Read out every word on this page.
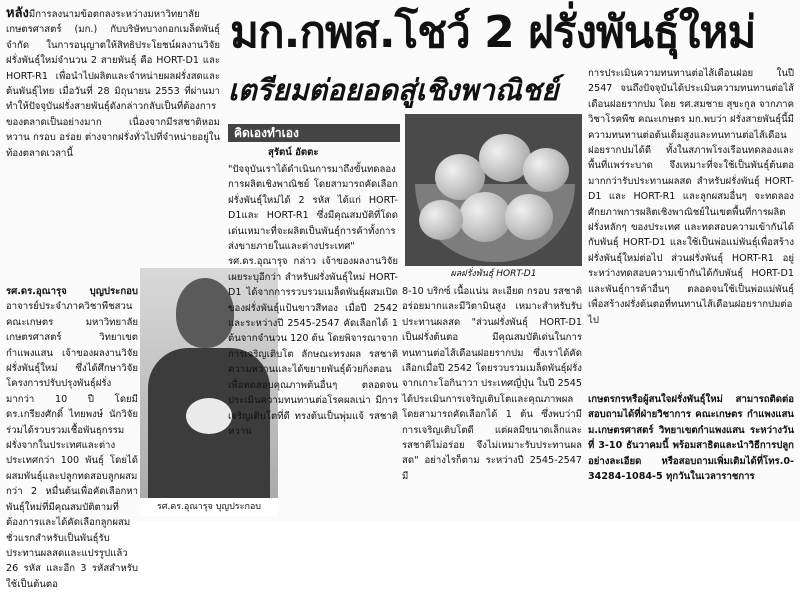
มก.กพส.โชว์ 2 ฝรั่งพันธุ์ใหม่
เตรียมต่อยอดสู่เชิงพาณิชย์

หลังมีการลงนามข้อตกลงระหว่างมหาวิทยาลัยเกษตรศาสตร์ (มก.) กับบริษัทบางกอกเมล็ดพันธุ์ จำกัด ในการอนุญาตให้สิทธิประโยชน์ผลงานวิจัยฝรั่งพันธุ์ใหม่จำนวน 2 สายพันธุ์ คือ HORT-D1 และ HORT-R1 เพื่อนำไปผลิตและจำหน่ายผลฝรั่งสดและต้นพันธุ์ไทย เมื่อวันที่ 28 มิถุนายน 2553 ที่ผ่านมา ทำให้ปัจจุบันฝรั่งสายพันธุ์ดังกล่าวกลับเป็นที่ต้องการของตลาดเป็นอย่างมาก เนื่องจากมีรสชาติหอม หวาน กรอบ อร่อย ต่างจากฝรั่งทั่วไปที่จำหน่ายอยู่ในท้องตลาดเวลานี้

รศ.ดร.อุณารุจ บุญประกอบ อาจารย์ประจำภาควิชาพืชสวน คณะเกษตร มหาวิทยาลัยเกษตรศาสตร์ วิทยาเขตกำแพงแสน เจ้าของผลงานวิจัยฝรั่งพันธุ์ใหม่ ซึ่งได้ศึกษาวิจัยโครงการปรับปรุงพันธุ์ฝรั่งมากว่า 10 ปี โดยมี ดร.เกรียงศักดิ์ ไทยพงษ์ นักวิจัยร่วมได้รวบรวมเชื้อพันธุกรรมฝรั่งจากในประเทศและต่างประเทศกว่า 100 พันธุ์ โดยได้ผสมพันธุ์และปลูกทดสอบลูกผสมกว่า 2 หมื่นต้นเพื่อคัดเลือกหาพันธุ์ใหม่ที่มีคุณสมบัติตามที่ต้องการและได้คัดเลือกลูกผสมชั่วแรกสำหรับเป็นพันธุ์รับประทานผลสดและแปรรูปแล้ว 26 รหัส และอีก 3 รหัสสำหรับใช้เป็นต้นตอ

รศ.ดร.อุณารุจ บุญประกอบ
คิดเองทำเอง
สุรัตน์ อัตตะ
"ปัจจุบันเราได้ดำเนินการมาถึงขั้นทดลองการผลิตเชิงพาณิชย์ โดยสามารถคัดเลือกฝรั่งพันธุ์ใหม่ได้ 2 รหัส ได้แก่ HORT-D1และ HORT-R1 ซึ่งมีคุณสมบัติที่โดดเด่นเหมาะที่จะผลิตเป็นพันธุ์การค้าทั้งการส่งขายภายในและต่างประเทศ" รศ.ดร.อุณารุจ กล่าว เจ้าของผลงานวิจัยเผยระบุอีกว่า สำหรับฝรั่งพันธุ์ใหม่ HORT-D1 ได้จากการรวบรวมเมล็ดพันธุ์ผสมเปิดของฝรั่งพันธุ์แป้นขาวสีทอง เมื่อปี 2542 และระหว่างปี 2545-2547 คัดเลือกได้ 1 ต้นจากจำนวน 120 ต้น โดยพิจารณาจากการเจริญเติบโต ลักษณะทรงผล รสชาติ ความหวานและได้ขยายพันธุ์ด้วยกิ่งตอนเพื่อทดสอบคุณภาพต้นอื่นๆ ตลอดจนประเมินความทนทานต่อโรคผลเน่า มีการเจริญเติบโตที่ดี ทรงต้นเป็นพุ่มแจ้ รสชาติหวาน
ผลฝรั่งพันธุ์ HORT-D1
8-10 บริกซ์ เนื้อแน่น ละเอียด กรอบ รสชาติอร่อยมากและมีวิตามินสูง เหมาะสำหรับรับประทานผลสด "ส่วนฝรั่งพันธุ์ HORT-D1 เป็นฝรั่งต้นตอ มีคุณสมบัติเด่นในการทนทานต่อไส้เดือนฝอยรากปม ซึ่งเราได้คัดเลือกเมื่อปี 2542 โดยรวบรวมเมล็ดพันธุ์ฝรั่งจากเกาะโอกินาวา ประเทศญี่ปุ่น ในปี 2545 ได้ประเมินการเจริญเติบโตและคุณภาพผล โดยสามารถคัดเลือกได้ 1 ต้น ซึ่งพบว่ามีการเจริญเติบโตดี แต่ผลมีขนาดเล็กและรสชาติไม่อร่อย จึงไม่เหมาะรับประทานผลสด" อย่างไรก็ตาม ระหว่างปี 2545-2547 มี
การประเมินความทนทานต่อไส้เดือนฝอย ในปี 2547 จนถึงปัจจุบันได้ประเมินความทนทานต่อไส้เดือนฝอยรากปม โดย รศ.สมชาย สุขะกูล จากภาควิชาโรคพืช คณะเกษตร มก.พบว่า ฝรั่งสายพันธุ์นี้มีความทนทานต่อต้นเด็มสูงและทนทานต่อไส้เดือนฝอยรากปมได้ดี ทั้งในสภาพโรงเรือนทดลองและพื้นที่แพร่ระบาด จึงเหมาะที่จะใช้เป็นพันธุ์ต้นตอมากกว่ารับประทานผลสด สำหรับฝรั่งพันธุ์ HORT-D1 และ HORT-R1 และลูกผสมอื่นๆ จะทดลองศักยภาพการผลิตเชิงพาณิชย์ในเขตพื้นที่การผลิตฝรั่งหลักๆ ของประเทศ และทดสอบความเข้ากันได้กับพันธุ์ HORT-D1 และใช้เป็นพ่อแม่พันธุ์เพื่อสร้างฝรั่งพันธุ์ใหม่ต่อไป ส่วนฝรั่งพันธุ์ HORT-R1 อยู่ระหว่างทดสอบความเข้ากันได้กับพันธุ์ HORT-D1 และพันธุ์การค้าอื่นๆ ตลอดจนใช้เป็นพ่อแม่พันธุ์เพื่อสร้างฝรั่งต้นตอที่ทนทานไส้เดือนฝอยรากปมต่อไป
เกษตรกรหรือผู้สนใจฝรั่งพันธุ์ใหม่ สามารถติดต่อสอบถามได้ที่ฝ่ายวิชาการ คณะเกษตร กำแพงแสน ม.เกษตรศาสตร์ วิทยาเขตกำแพงแสน ระหว่างวันที่ 3-10 ธันวาคมนี้ พร้อมสาธิตและนำวิธีการปลูกอย่างละเอียด หรือสอบถามเพิ่มเติมได้ที่โทร.0-34284-1084-5 ทุกวันในเวลาราชการ
